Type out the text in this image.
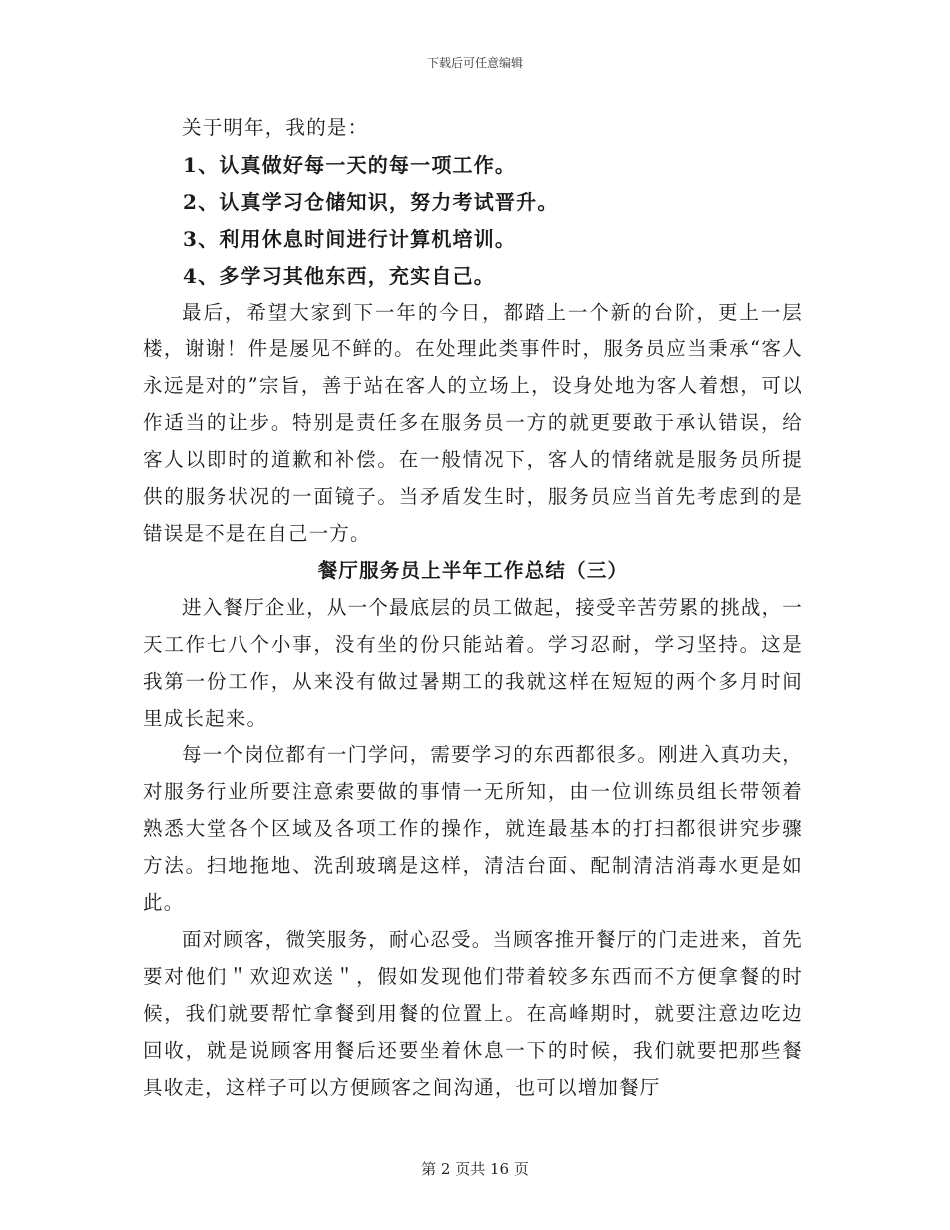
下载后可任意编辑

关于明年，我的是：

1、认真做好每一天的每一项工作。

2、认真学习仓储知识，努力考试晋升。

3、利用休息时间进行计算机培训。

4、多学习其他东西，充实自己。

最后，希望大家到下一年的今日，都踏上一个新的台阶，更上一层楼，谢谢！件是屡见不鲜的。在处理此类事件时，服务员应当秉承“客人永远是对的”宗旨，善于站在客人的立场上，设身处地为客人着想，可以作适当的让步。特别是责任多在服务员一方的就更要敢于承认错误，给客人以即时的道歉和补偿。在一般情况下，客人的情绪就是服务员所提供的服务状况的一面镜子。当矛盾发生时，服务员应当首先考虑到的是错误是不是在自己一方。

餐厅服务员上半年工作总结（三）

进入餐厅企业，从一个最底层的员工做起，接受辛苦劳累的挑战，一天工作七八个小事，没有坐的份只能站着。学习忍耐，学习坚持。这是我第一份工作，从来没有做过暑期工的我就这样在短短的两个多月时间里成长起来。

每一个岗位都有一门学问，需要学习的东西都很多。刚进入真功夫，对服务行业所要注意索要做的事情一无所知，由一位训练员组长带领着熟悉大堂各个区域及各项工作的操作，就连最基本的打扫都很讲究步骤方法。扫地拖地、洗刮玻璃是这样，清洁台面、配制清洁消毒水更是如此。

面对顾客，微笑服务，耐心忍受。当顾客推开餐厅的门走进来，首先要对他们＂欢迎欢送＂，假如发现他们带着较多东西而不方便拿餐的时候，我们就要帮忙拿餐到用餐的位置上。在高峰期时，就要注意边吃边回收，就是说顾客用餐后还要坐着休息一下的时候，我们就要把那些餐具收走，这样子可以方便顾客之间沟通，也可以增加餐厅

第 2 页共 16 页
